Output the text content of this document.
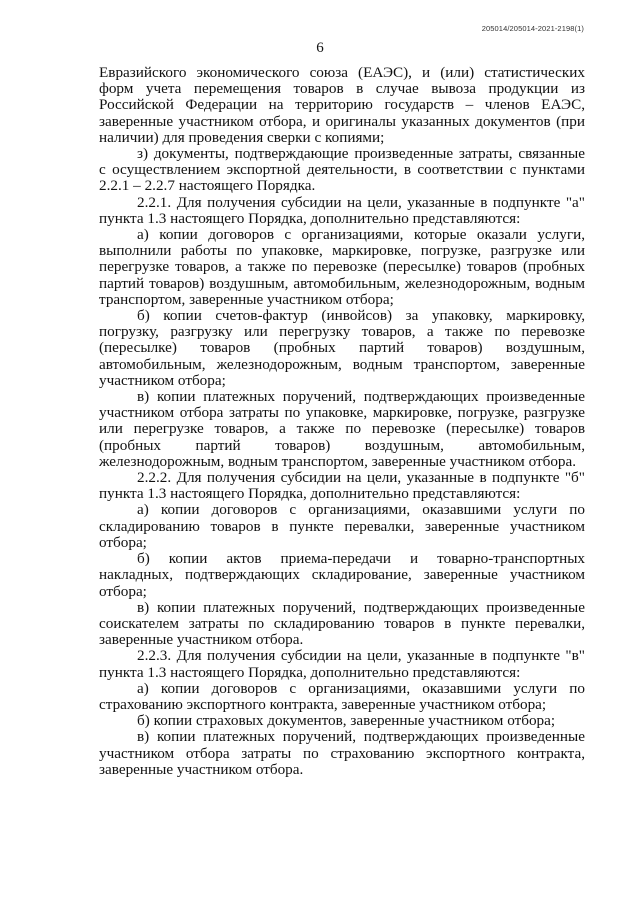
205014/205014-2021-2198(1)
6

Евразийского экономического союза (ЕАЭС), и (или) статистических форм учета перемещения товаров в случае вывоза продукции из Российской Федерации на территорию государств – членов ЕАЭС, заверенные участником отбора, и оригиналы указанных документов (при наличии) для проведения сверки с копиями;

з) документы, подтверждающие произведенные затраты, связанные с осуществлением экспортной деятельности, в соответствии с пунктами 2.2.1 – 2.2.7 настоящего Порядка.

2.2.1. Для получения субсидии на цели, указанные в подпункте "а" пункта 1.3 настоящего Порядка, дополнительно представляются:

а) копии договоров с организациями, которые оказали услуги, выполнили работы по упаковке, маркировке, погрузке, разгрузке или перегрузке товаров, а также по перевозке (пересылке) товаров (пробных партий товаров) воздушным, автомобильным, железнодорожным, водным транспортом, заверенные участником отбора;

б) копии счетов-фактур (инвойсов) за упаковку, маркировку, погрузку, разгрузку или перегрузку товаров, а также по перевозке (пересылке) товаров (пробных партий товаров) воздушным, автомобильным, железнодорожным, водным транспортом, заверенные участником отбора;

в) копии платежных поручений, подтверждающих произведенные участником отбора затраты по упаковке, маркировке, погрузке, разгрузке или перегрузке товаров, а также по перевозке (пересылке) товаров (пробных партий товаров) воздушным, автомобильным, железнодорожным, водным транспортом, заверенные участником отбора.

2.2.2. Для получения субсидии на цели, указанные в подпункте "б" пункта 1.3 настоящего Порядка, дополнительно представляются:

а) копии договоров с организациями, оказавшими услуги по складированию товаров в пункте перевалки, заверенные участником отбора;

б) копии актов приема-передачи и товарно-транспортных накладных, подтверждающих складирование, заверенные участником отбора;

в) копии платежных поручений, подтверждающих произведенные соискателем затраты по складированию товаров в пункте перевалки, заверенные участником отбора.

2.2.3. Для получения субсидии на цели, указанные в подпункте "в" пункта 1.3 настоящего Порядка, дополнительно представляются:

а) копии договоров с организациями, оказавшими услуги по страхованию экспортного контракта, заверенные участником отбора;

б) копии страховых документов, заверенные участником отбора;

в) копии платежных поручений, подтверждающих произведенные участником отбора затраты по страхованию экспортного контракта, заверенные участником отбора.
